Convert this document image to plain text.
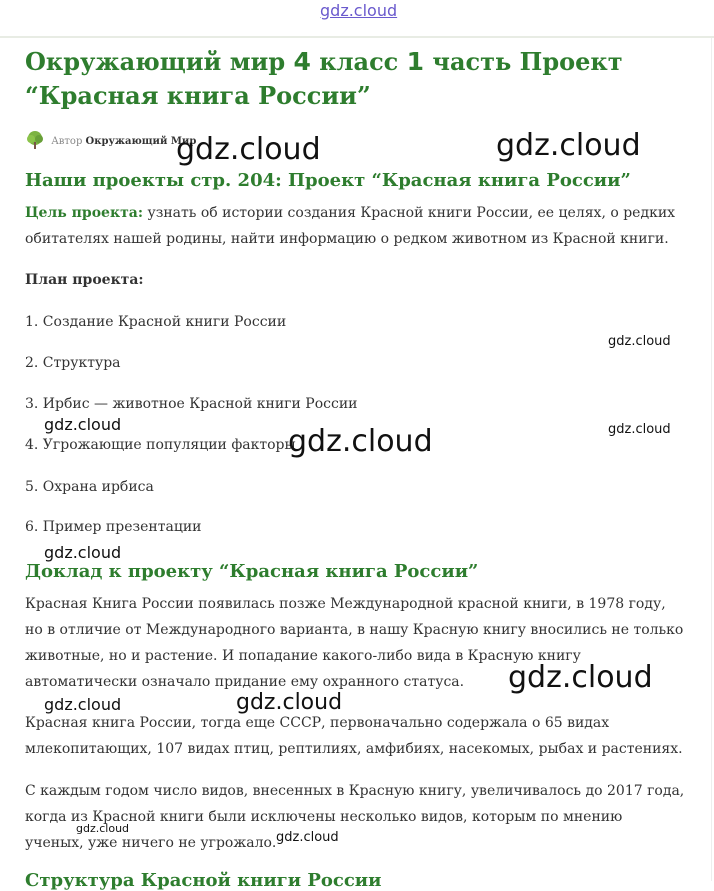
gdz.cloud
Окружающий мир 4 класс 1 часть Проект “Красная книга России”
Автор Окружающий Мир
Наши проекты стр. 204: Проект “Красная книга России”

Цель проекта: узнать об истории создания Красной книги России, ее целях, о редких обитателях нашей родины, найти информацию о редком животном из Красной книги.

План проекта:
1. Создание Красной книги России
2. Структура
3. Ирбис — животное Красной книги России
4. Угрожающие популяции факторы
5. Охрана ирбиса
6. Пример презентации
Доклад к проекту “Красная книга России”

Красная Книга России появилась позже Международной красной книги, в 1978 году, но в отличие от Международного варианта, в нашу Красную книгу вносились не только животные, но и растение. И попадание какого-либо вида в Красную книгу автоматически означало придание ему охранного статуса.

Красная книга России, тогда еще СССР, первоначально содержала о 65 видах млекопитающих, 107 видах птиц, рептилиях, амфибиях, насекомых, рыбах и растениях.

С каждым годом число видов, внесенных в Красную книгу, увеличивалось до 2017 года, когда из Красной книги были исключены несколько видов, которым по мнению ученых, уже ничего не угрожало.

Структура Красной книги России
gdz.cloud	gdz.cloud
gdz.cloud
gdz.cloud	gdz.cloud	gdz.cloud
gdz.cloud
gdz.cloud
gdz.cloud	gdz.cloud
gdz.cloud
gdz.cloud
